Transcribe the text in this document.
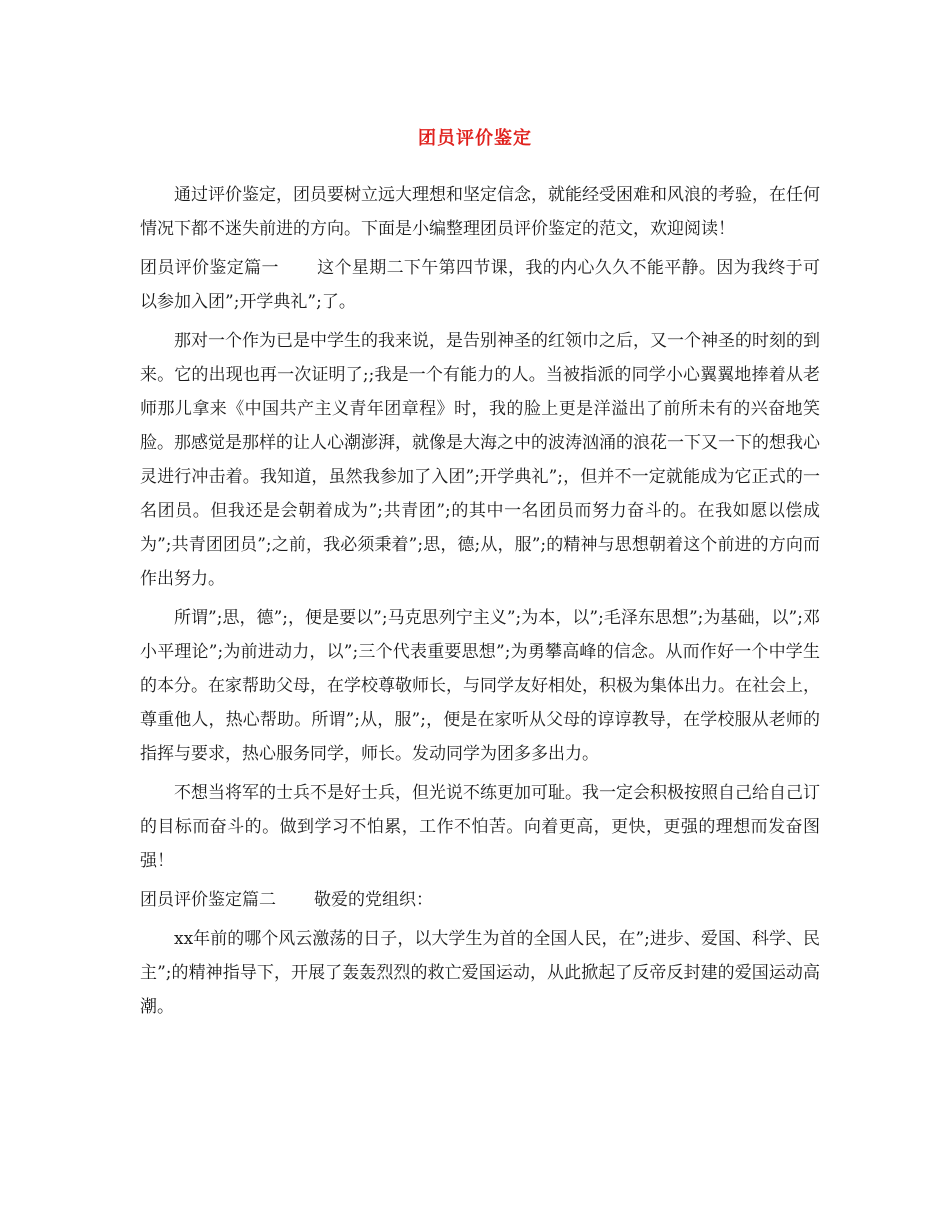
团员评价鉴定

通过评价鉴定，团员要树立远大理想和坚定信念，就能经受困难和风浪的考验，在任何情况下都不迷失前进的方向。下面是小编整理团员评价鉴定的范文，欢迎阅读！

团员评价鉴定篇一 这个星期二下午第四节课，我的内心久久不能平静。因为我终于可以参加入团”;开学典礼”;了。

那对一个作为已是中学生的我来说，是告别神圣的红领巾之后，又一个神圣的时刻的到来。它的出现也再一次证明了;;我是一个有能力的人。当被指派的同学小心翼翼地捧着从老师那儿拿来《中国共产主义青年团章程》时，我的脸上更是洋溢出了前所未有的兴奋地笑脸。那感觉是那样的让人心潮澎湃，就像是大海之中的波涛汹涌的浪花一下又一下的想我心灵进行冲击着。我知道，虽然我参加了入团”;开学典礼”;，但并不一定就能成为它正式的一名团员。但我还是会朝着成为”;共青团”;的其中一名团员而努力奋斗的。在我如愿以偿成为”;共青团团员”;之前，我必须秉着”;思，德;从，服”;的精神与思想朝着这个前进的方向而作出努力。

所谓”;思，德”;，便是要以”;马克思列宁主义”;为本，以”;毛泽东思想”;为基础，以”;邓小平理论”;为前进动力，以”;三个代表重要思想”;为勇攀高峰的信念。从而作好一个中学生的本分。在家帮助父母，在学校尊敬师长，与同学友好相处，积极为集体出力。在社会上，尊重他人，热心帮助。所谓”;从，服”;，便是在家听从父母的谆谆教导，在学校服从老师的指挥与要求，热心服务同学，师长。发动同学为团多多出力。

不想当将军的士兵不是好士兵，但光说不练更加可耻。我一定会积极按照自己给自己订的目标而奋斗的。做到学习不怕累，工作不怕苦。向着更高，更快，更强的理想而发奋图强！

团员评价鉴定篇二 敬爱的党组织：

xx年前的哪个风云激荡的日子，以大学生为首的全国人民，在”;进步、爱国、科学、民主”;的精神指导下，开展了轰轰烈烈的救亡爱国运动，从此掀起了反帝反封建的爱国运动高潮。
